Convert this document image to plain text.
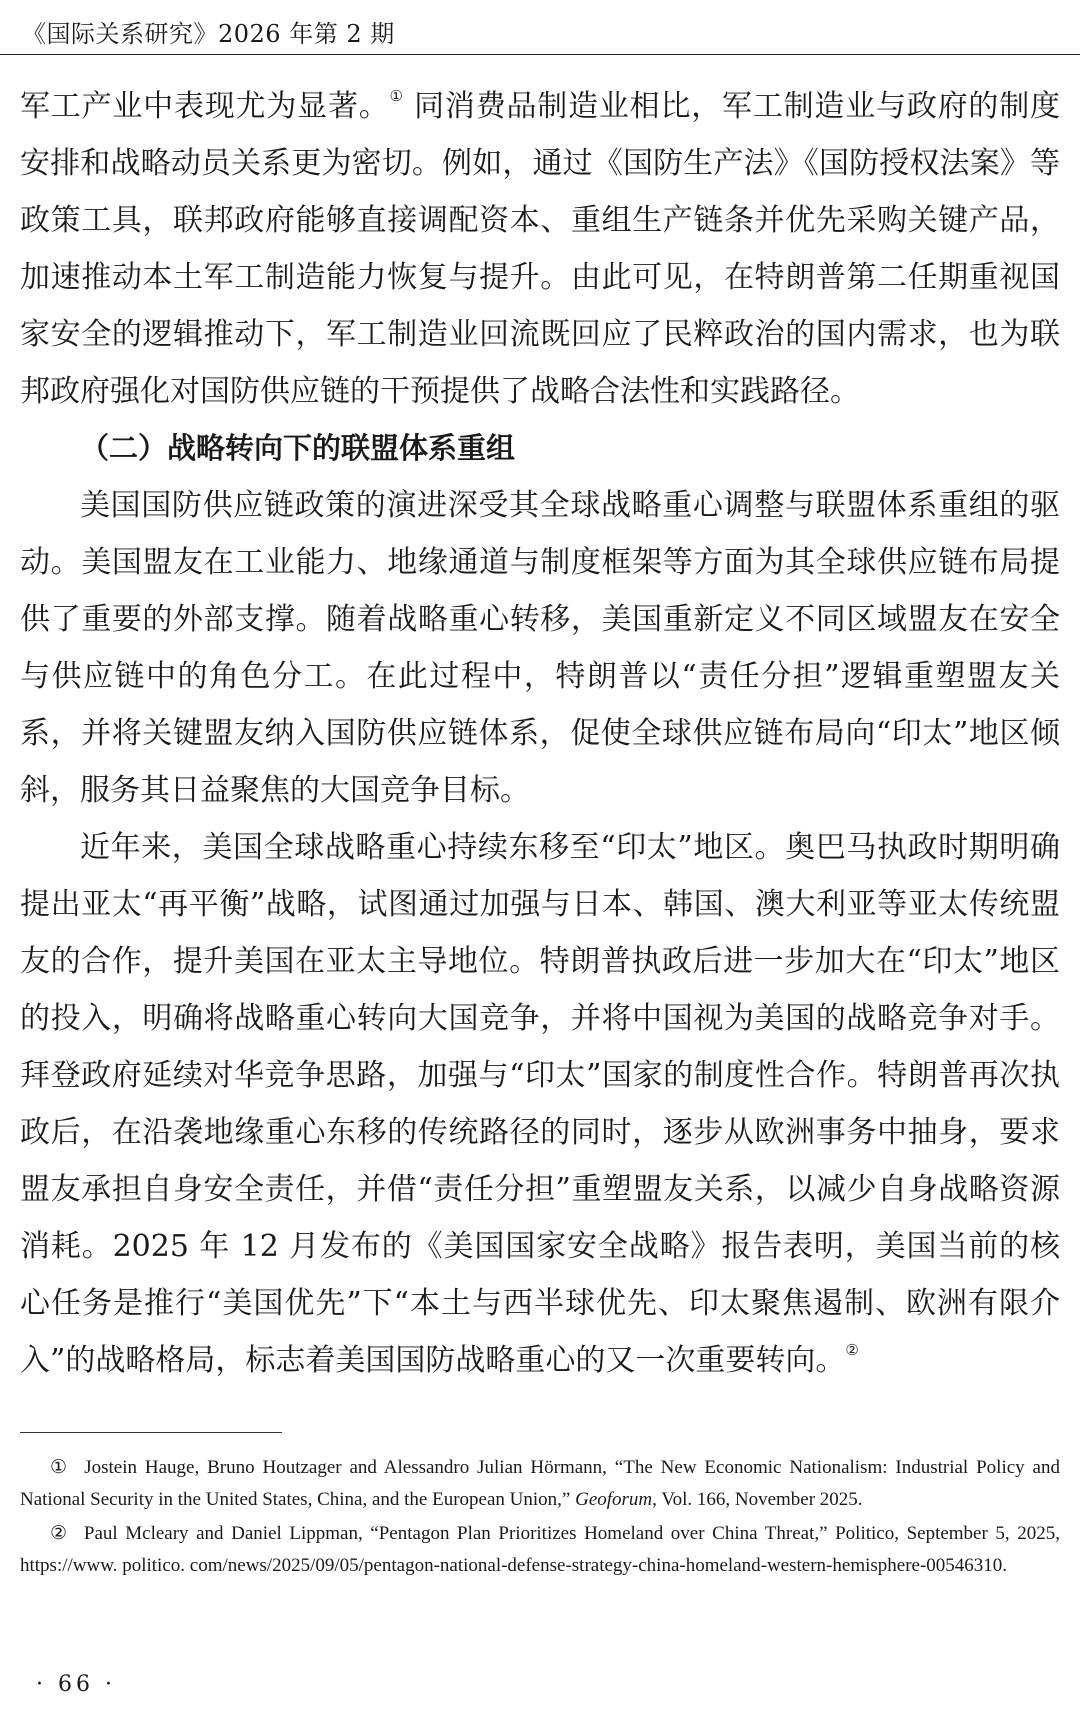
《国际关系研究》2026 年第 2 期

军工产业中表现尤为显著。① 同消费品制造业相比，军工制造业与政府的制度安排和战略动员关系更为密切。例如，通过《国防生产法》《国防授权法案》等政策工具，联邦政府能够直接调配资本、重组生产链条并优先采购关键产品，加速推动本土军工制造能力恢复与提升。由此可见，在特朗普第二任期重视国家安全的逻辑推动下，军工制造业回流既回应了民粹政治的国内需求，也为联邦政府强化对国防供应链的干预提供了战略合法性和实践路径。

（二）战略转向下的联盟体系重组

美国国防供应链政策的演进深受其全球战略重心调整与联盟体系重组的驱动。美国盟友在工业能力、地缘通道与制度框架等方面为其全球供应链布局提供了重要的外部支撑。随着战略重心转移，美国重新定义不同区域盟友在安全与供应链中的角色分工。在此过程中，特朗普以“责任分担”逻辑重塑盟友关系，并将关键盟友纳入国防供应链体系，促使全球供应链布局向“印太”地区倾斜，服务其日益聚焦的大国竞争目标。

近年来，美国全球战略重心持续东移至“印太”地区。奥巴马执政时期明确提出亚太“再平衡”战略，试图通过加强与日本、韩国、澳大利亚等亚太传统盟友的合作，提升美国在亚太主导地位。特朗普执政后进一步加大在“印太”地区的投入，明确将战略重心转向大国竞争，并将中国视为美国的战略竞争对手。拜登政府延续对华竞争思路，加强与“印太”国家的制度性合作。特朗普再次执政后，在沿袭地缘重心东移的传统路径的同时，逐步从欧洲事务中抽身，要求盟友承担自身安全责任，并借“责任分担”重塑盟友关系，以减少自身战略资源消耗。2025 年 12 月发布的《美国国家安全战略》报告表明，美国当前的核心任务是推行“美国优先”下“本土与西半球优先、印太聚焦遏制、欧洲有限介入”的战略格局，标志着美国国防战略重心的又一次重要转向。②

① Jostein Hauge, Bruno Houtzager and Alessandro Julian Hörmann, “The New Economic Nationalism: Industrial Policy and National Security in the United States, China, and the European Union,” Geoforum, Vol. 166, November 2025.

② Paul Mcleary and Daniel Lippman, “Pentagon Plan Prioritizes Homeland over China Threat,” Politico, September 5, 2025, https://www. politico. com/news/2025/09/05/pentagon-national-defense-strategy-china-homeland-western-hemisphere-00546310.

· 66 ·
